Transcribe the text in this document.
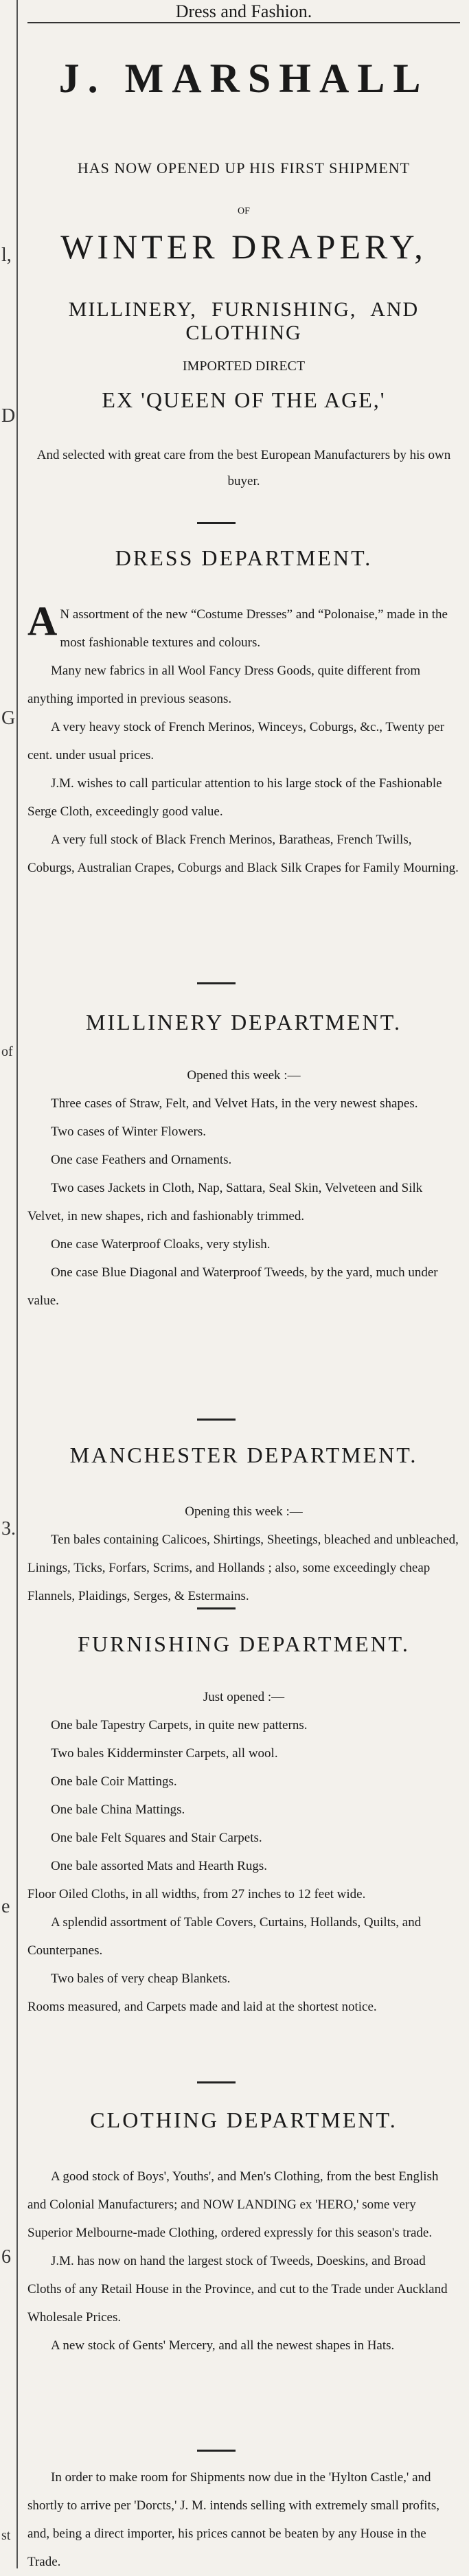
l,
D
G
of
3.
e
6
st
Dress and Fashion.
J. MARSHALL
HAS NOW OPENED UP HIS FIRST SHIPMENT
OF
WINTER DRAPERY,
MILLINERY, FURNISHING, AND CLOTHING
IMPORTED DIRECT
EX 'QUEEN OF THE AGE,'
And selected with great care from the best European Manufacturers by his own buyer.
DRESS DEPARTMENT.

A N assortment of the new “Costume Dresses” and “Polonaise,” made in the most fashionable textures and colours.

Many new fabrics in all Wool Fancy Dress Goods, quite different from anything imported in previous seasons.

A very heavy stock of French Merinos, Winceys, Coburgs, &c., Twenty per cent. under usual prices.

J.M. wishes to call particular attention to his large stock of the Fashionable Serge Cloth, exceedingly good value.

A very full stock of Black French Merinos, Baratheas, French Twills, Coburgs, Australian Crapes, Coburgs and Black Silk Crapes for Family Mourning.

MILLINERY DEPARTMENT.

Opened this week :—

Three cases of Straw, Felt, and Velvet Hats, in the very newest shapes.

Two cases of Winter Flowers.

One case Feathers and Ornaments.

Two cases Jackets in Cloth, Nap, Sattara, Seal Skin, Velveteen and Silk Velvet, in new shapes, rich and fashionably trimmed.

One case Waterproof Cloaks, very stylish.

One case Blue Diagonal and Waterproof Tweeds, by the yard, much under value.

MANCHESTER DEPARTMENT.

Opening this week :—

Ten bales containing Calicoes, Shirtings, Sheetings, bleached and unbleached, Linings, Ticks, Forfars, Scrims, and Hollands ; also, some exceedingly cheap Flannels, Plaidings, Serges, & Estermains.

FURNISHING DEPARTMENT.

Just opened :—

One bale Tapestry Carpets, in quite new patterns.

Two bales Kidderminster Carpets, all wool.

One bale Coir Mattings.

One bale China Mattings.

One bale Felt Squares and Stair Carpets.

One bale assorted Mats and Hearth Rugs.

Floor Oiled Cloths, in all widths, from 27 inches to 12 feet wide.

A splendid assortment of Table Covers, Curtains, Hollands, Quilts, and Counterpanes.

Two bales of very cheap Blankets.

Rooms measured, and Carpets made and laid at the shortest notice.

CLOTHING DEPARTMENT.

A good stock of Boys', Youths', and Men's Clothing, from the best English and Colonial Manufacturers; and NOW LANDING ex 'HERO,' some very Superior Melbourne-made Clothing, ordered expressly for this season's trade.

J.M. has now on hand the largest stock of Tweeds, Doeskins, and Broad Cloths of any Retail House in the Province, and cut to the Trade under Auckland Wholesale Prices.

A new stock of Gents' Mercery, and all the newest shapes in Hats.

In order to make room for Shipments now due in the 'Hylton Castle,' and shortly to arrive per 'Dorcts,' J. M. intends selling with extremely small profits, and, being a direct importer, his prices cannot be beaten by any House in the Trade.
